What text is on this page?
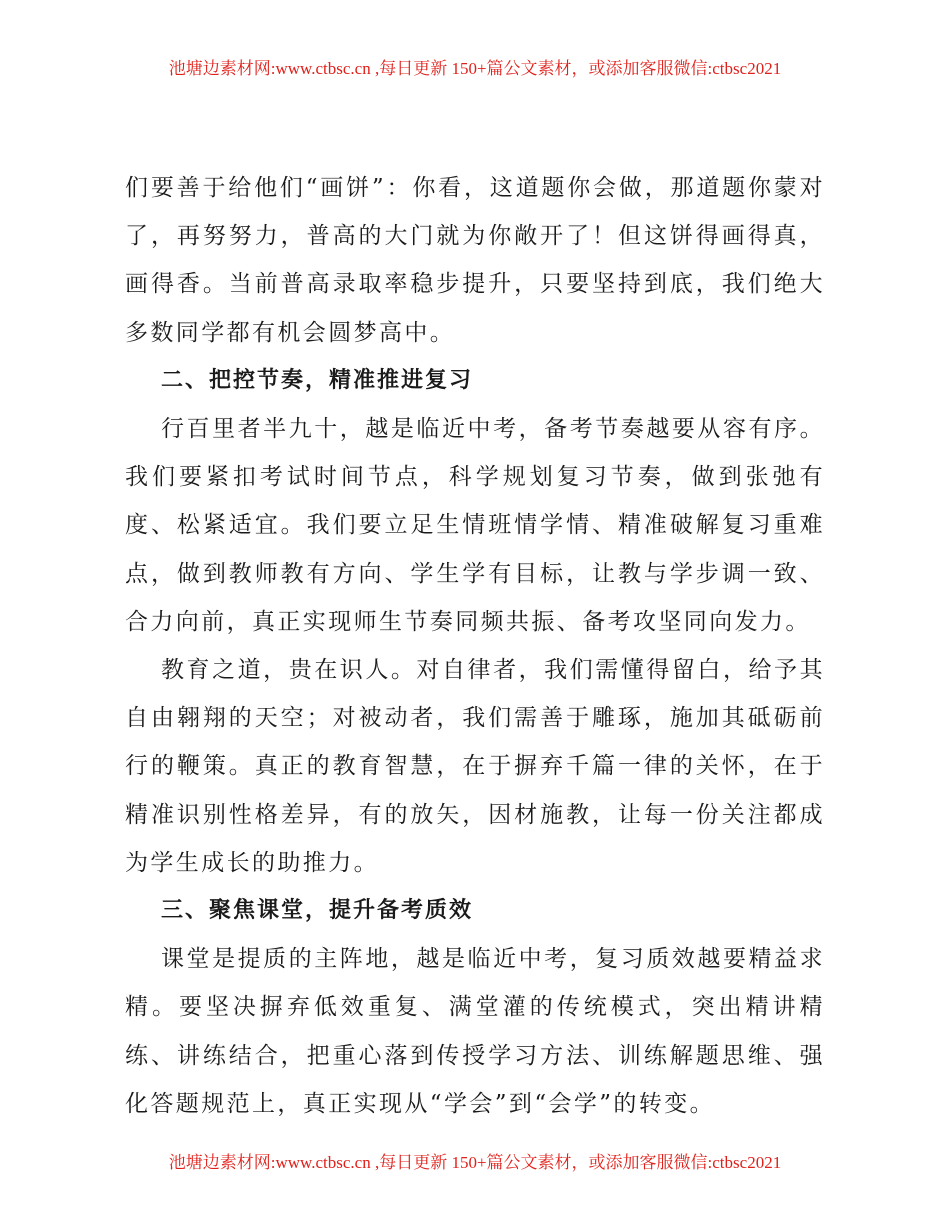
池塘边素材网:www.ctbsc.cn ,每日更新 150+篇公文素材，或添加客服微信:ctbsc2021

们要善于给他们“画饼”：你看，这道题你会做，那道题你蒙对了，再努努力，普高的大门就为你敞开了！但这饼得画得真，画得香。当前普高录取率稳步提升，只要坚持到底，我们绝大多数同学都有机会圆梦高中。

二、把控节奏，精准推进复习

行百里者半九十，越是临近中考，备考节奏越要从容有序。我们要紧扣考试时间节点，科学规划复习节奏，做到张弛有度、松紧适宜。我们要立足生情班情学情、精准破解复习重难点，做到教师教有方向、学生学有目标，让教与学步调一致、合力向前，真正实现师生节奏同频共振、备考攻坚同向发力。

教育之道，贵在识人。对自律者，我们需懂得留白，给予其自由翱翔的天空；对被动者，我们需善于雕琢，施加其砥砺前行的鞭策。真正的教育智慧，在于摒弃千篇一律的关怀，在于精准识别性格差异，有的放矢，因材施教，让每一份关注都成为学生成长的助推力。

三、聚焦课堂，提升备考质效

课堂是提质的主阵地，越是临近中考，复习质效越要精益求精。要坚决摒弃低效重复、满堂灌的传统模式，突出精讲精练、讲练结合，把重心落到传授学习方法、训练解题思维、强化答题规范上，真正实现从“学会”到“会学”的转变。

池塘边素材网:www.ctbsc.cn ,每日更新 150+篇公文素材，或添加客服微信:ctbsc2021
